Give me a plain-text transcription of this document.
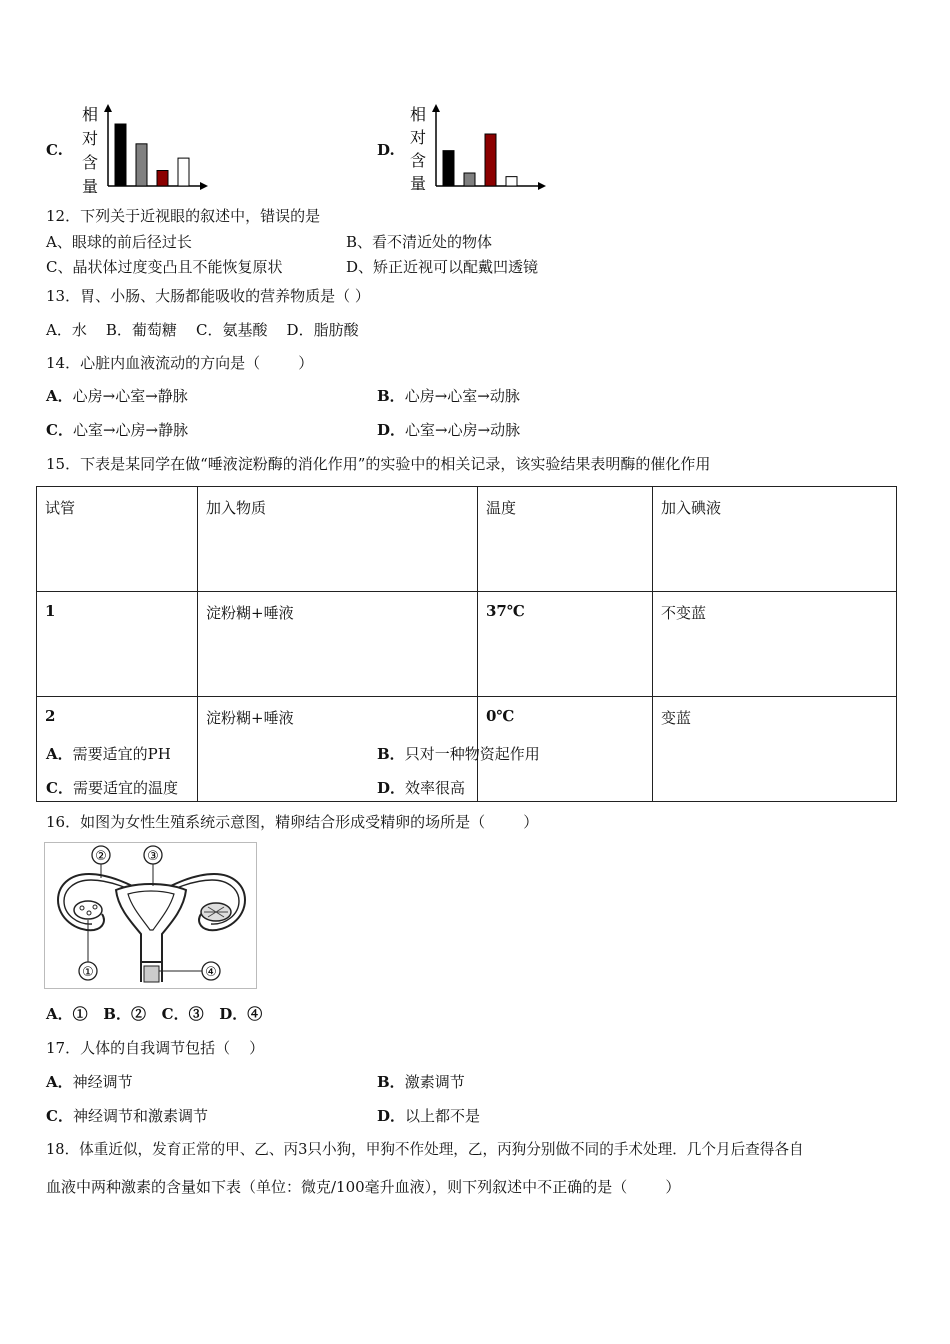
C.
相
对
含
量
D.
相
对
含
量
12．下列关于近视眼的叙述中，错误的是
A、眼球的前后径过长	B、看不清近处的物体
C、晶状体过度变凸且不能恢复原状	D、矫正近视可以配戴凹透镜
13．胃、小肠、大肠都能吸收的营养物质是（ ）
A．水    B．葡萄糖    C．氨基酸    D．脂肪酸
14．心脏内血液流动的方向是（        ）
A．心房→心室→静脉	B．心房→心室→动脉
C．心室→心房→静脉	D．心室→心房→动脉
15．下表是某同学在做“唾液淀粉酶的消化作用”的实验中的相关记录，该实验结果表明酶的催化作用
试管	加入物质	温度	加入碘液
1	淀粉糊+唾液	37℃	不变蓝
2	淀粉糊+唾液	0℃	变蓝
A．需要适宜的PH	B．只对一种物资起作用
C．需要适宜的温度	D．效率很高
16．如图为女性生殖系统示意图，精卵结合形成受精卵的场所是（        ）
②	③
①	④
A．①   B．②   C．③   D．④
17．人体的自我调节包括（    ）
A．神经调节	B．激素调节
C．神经调节和激素调节	D．以上都不是
18．体重近似，发育正常的甲、乙、丙3只小狗，甲狗不作处理，乙，丙狗分别做不同的手术处理．几个月后查得各自
血液中两种激素的含量如下表（单位：微克/100毫升血液），则下列叙述中不正确的是（        ）
